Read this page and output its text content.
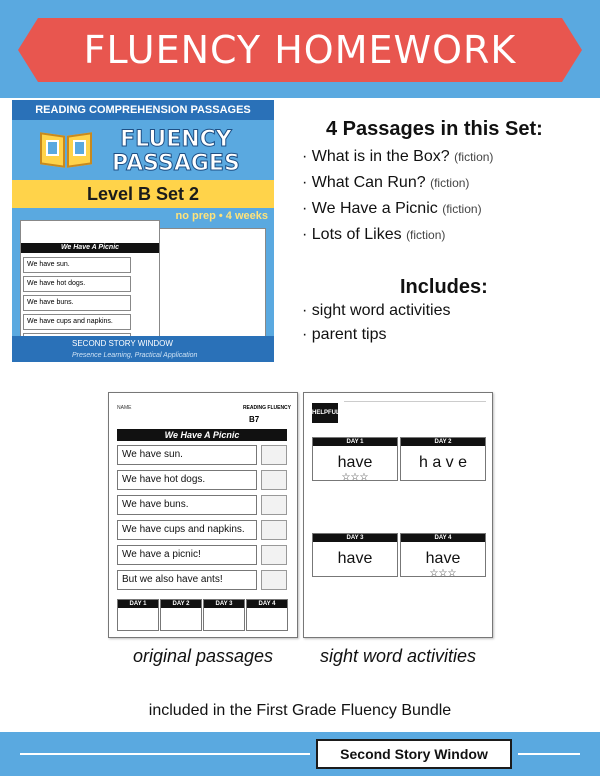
FLUENCY HOMEWORK
READING COMPREHENSION PASSAGES
FLUENCY
PASSAGES
Level B Set 2
no prep • 4 weeks
We Have A Picnic
We have sun.
We have hot dogs.
We have buns.
We have cups and napkins.
SECOND STORY WINDOW
Presence Learning, Practical Application
4 Passages in this Set:
· What is in the Box? (fiction)
· What Can Run? (fiction)
· We Have a Picnic (fiction)
· Lots of Likes (fiction)
Includes:
· sight word activities
· parent tips
NAME	READING FLUENCY
B7
We Have A Picnic
We have sun.
We have hot dogs.
We have buns.
We have cups and napkins.
We have a picnic!
But we also have ants!
DAY 1	DAY 2	DAY 3	DAY 4
HELPFUL TIPS
DAY 1
have
☆☆☆
DAY 2
h a v e
DAY 3
have
DAY 4
have
☆☆☆
original passages	sight word activities
included in the First Grade Fluency Bundle
Second Story Window
